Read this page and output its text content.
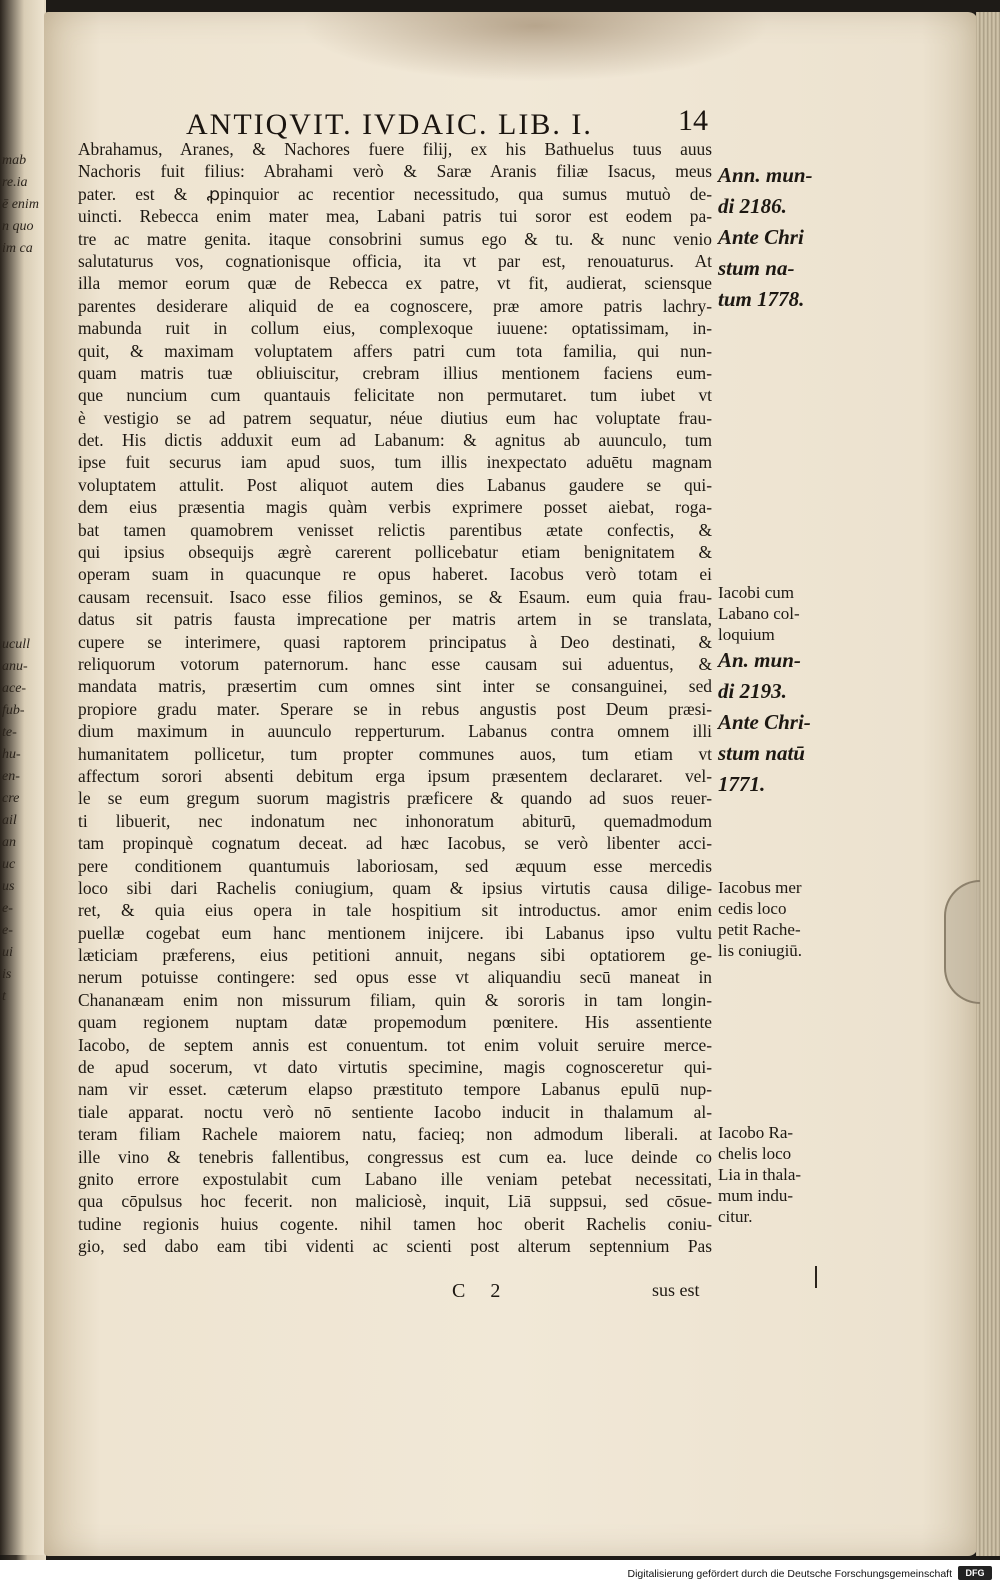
mab
re.ia
ē enim
n quo
im ca
ucull
anu-
ace-
fub-
te-
hu-
en-
cre
ail
an
uc
us
e-
e-
ui
is
t
ANTIQVIT. IVDAIC. LIB. I.	14
Abrahamus, Aranes, & Nachores fuere filij, ex his Bathuelus tuus auus
Nachoris fuit filius: Abrahami verò & Saræ Aranis filiæ Isacus, meus
pater. est & ꝓpinquior ac recentior necessitudo, qua sumus mutuò de-
uincti. Rebecca enim mater mea, Labani patris tui soror est eodem pa-
tre ac matre genita. itaque consobrini sumus ego & tu. & nunc venio
salutaturus vos, cognationisque officia, ita vt par est, renouaturus. At
illa memor eorum quæ de Rebecca ex patre, vt fit, audierat, sciensque
parentes desiderare aliquid de ea cognoscere, præ amore patris lachry-
mabunda ruit in collum eius, complexoque iuuene: optatissimam, in-
quit, & maximam voluptatem affers patri cum tota familia, qui nun-
quam matris tuæ obliuiscitur, crebram illius mentionem faciens eum-
que nuncium cum quantauis felicitate non permutaret. tum iubet vt
è vestigio se ad patrem sequatur, néue diutius eum hac voluptate frau-
det. His dictis adduxit eum ad Labanum: & agnitus ab auunculo, tum
ipse fuit securus iam apud suos, tum illis inexpectato aduētu magnam
voluptatem attulit. Post aliquot autem dies Labanus gaudere se qui-
dem eius præsentia magis quàm verbis exprimere posset aiebat, roga-
bat tamen quamobrem venisset relictis parentibus ætate confectis, &
qui ipsius obsequijs ægrè carerent pollicebatur etiam benignitatem &
operam suam in quacunque re opus haberet. Iacobus verò totam ei
causam recensuit. Isaco esse filios geminos, se & Esaum. eum quia frau-
datus sit patris fausta imprecatione per matris artem in se translata,
cupere se interimere, quasi raptorem principatus à Deo destinati, &
reliquorum votorum paternorum. hanc esse causam sui aduentus, &
mandata matris, præsertim cum omnes sint inter se consanguinei, sed
propiore gradu mater. Sperare se in rebus angustis post Deum præsi-
dium maximum in auunculo repperturum. Labanus contra omnem illi
humanitatem pollicetur, tum propter communes auos, tum etiam vt
affectum sorori absenti debitum erga ipsum præsentem declararet. vel-
le se eum gregum suorum magistris præficere & quando ad suos reuer-
ti libuerit, nec indonatum nec inhonoratum abiturū, quemadmodum
tam propinquè cognatum deceat. ad hæc Iacobus, se verò libenter acci-
pere conditionem quantumuis laboriosam, sed æquum esse mercedis
loco sibi dari Rachelis coniugium, quam & ipsius virtutis causa dilige-
ret, & quia eius opera in tale hospitium sit introductus. amor enim
puellæ cogebat eum hanc mentionem inijcere. ibi Labanus ipso vultu
læticiam præferens, eius petitioni annuit, negans sibi optatiorem ge-
nerum potuisse contingere: sed opus esse vt aliquandiu secū maneat in
Chananæam enim non missurum filiam, quin & sororis in tam longin-
quam regionem nuptam datæ propemodum pœnitere. His assentiente
Iacobo, de septem annis est conuentum. tot enim voluit seruire merce-
de apud socerum, vt dato virtutis specimine, magis cognosceretur qui-
nam vir esset. cæterum elapso præstituto tempore Labanus epulū nup-
tiale apparat. noctu verò nō sentiente Iacobo inducit in thalamum al-
teram filiam Rachele maiorem natu, facieq; non admodum liberali. at
ille vino & tenebris fallentibus, congressus est cum ea. luce deinde co
gnito errore expostulabit cum Labano ille veniam petebat necessitati,
qua cōpulsus hoc fecerit. non maliciosè, inquit, Liā suppsui, sed cōsue-
tudine regionis huius cogente. nihil tamen hoc oberit Rachelis coniu-
gio, sed dabo eam tibi videnti ac scienti post alterum septennium Pas
Ann. mun-
di 2186.
Ante Chri
stum na-
tum 1778.
Iacobi cum
Labano col-
loquium
An. mun-
di 2193.
Ante Chri-
stum natū
1771.
Iacobus mer
cedis loco
petit Rache-
lis coniugiū.
Iacobo Ra-
chelis loco
Lia in thala-
mum indu-
citur.
C 2	sus est
Digitalisierung gefördert durch die Deutsche Forschungsgemeinschaft	DFG
